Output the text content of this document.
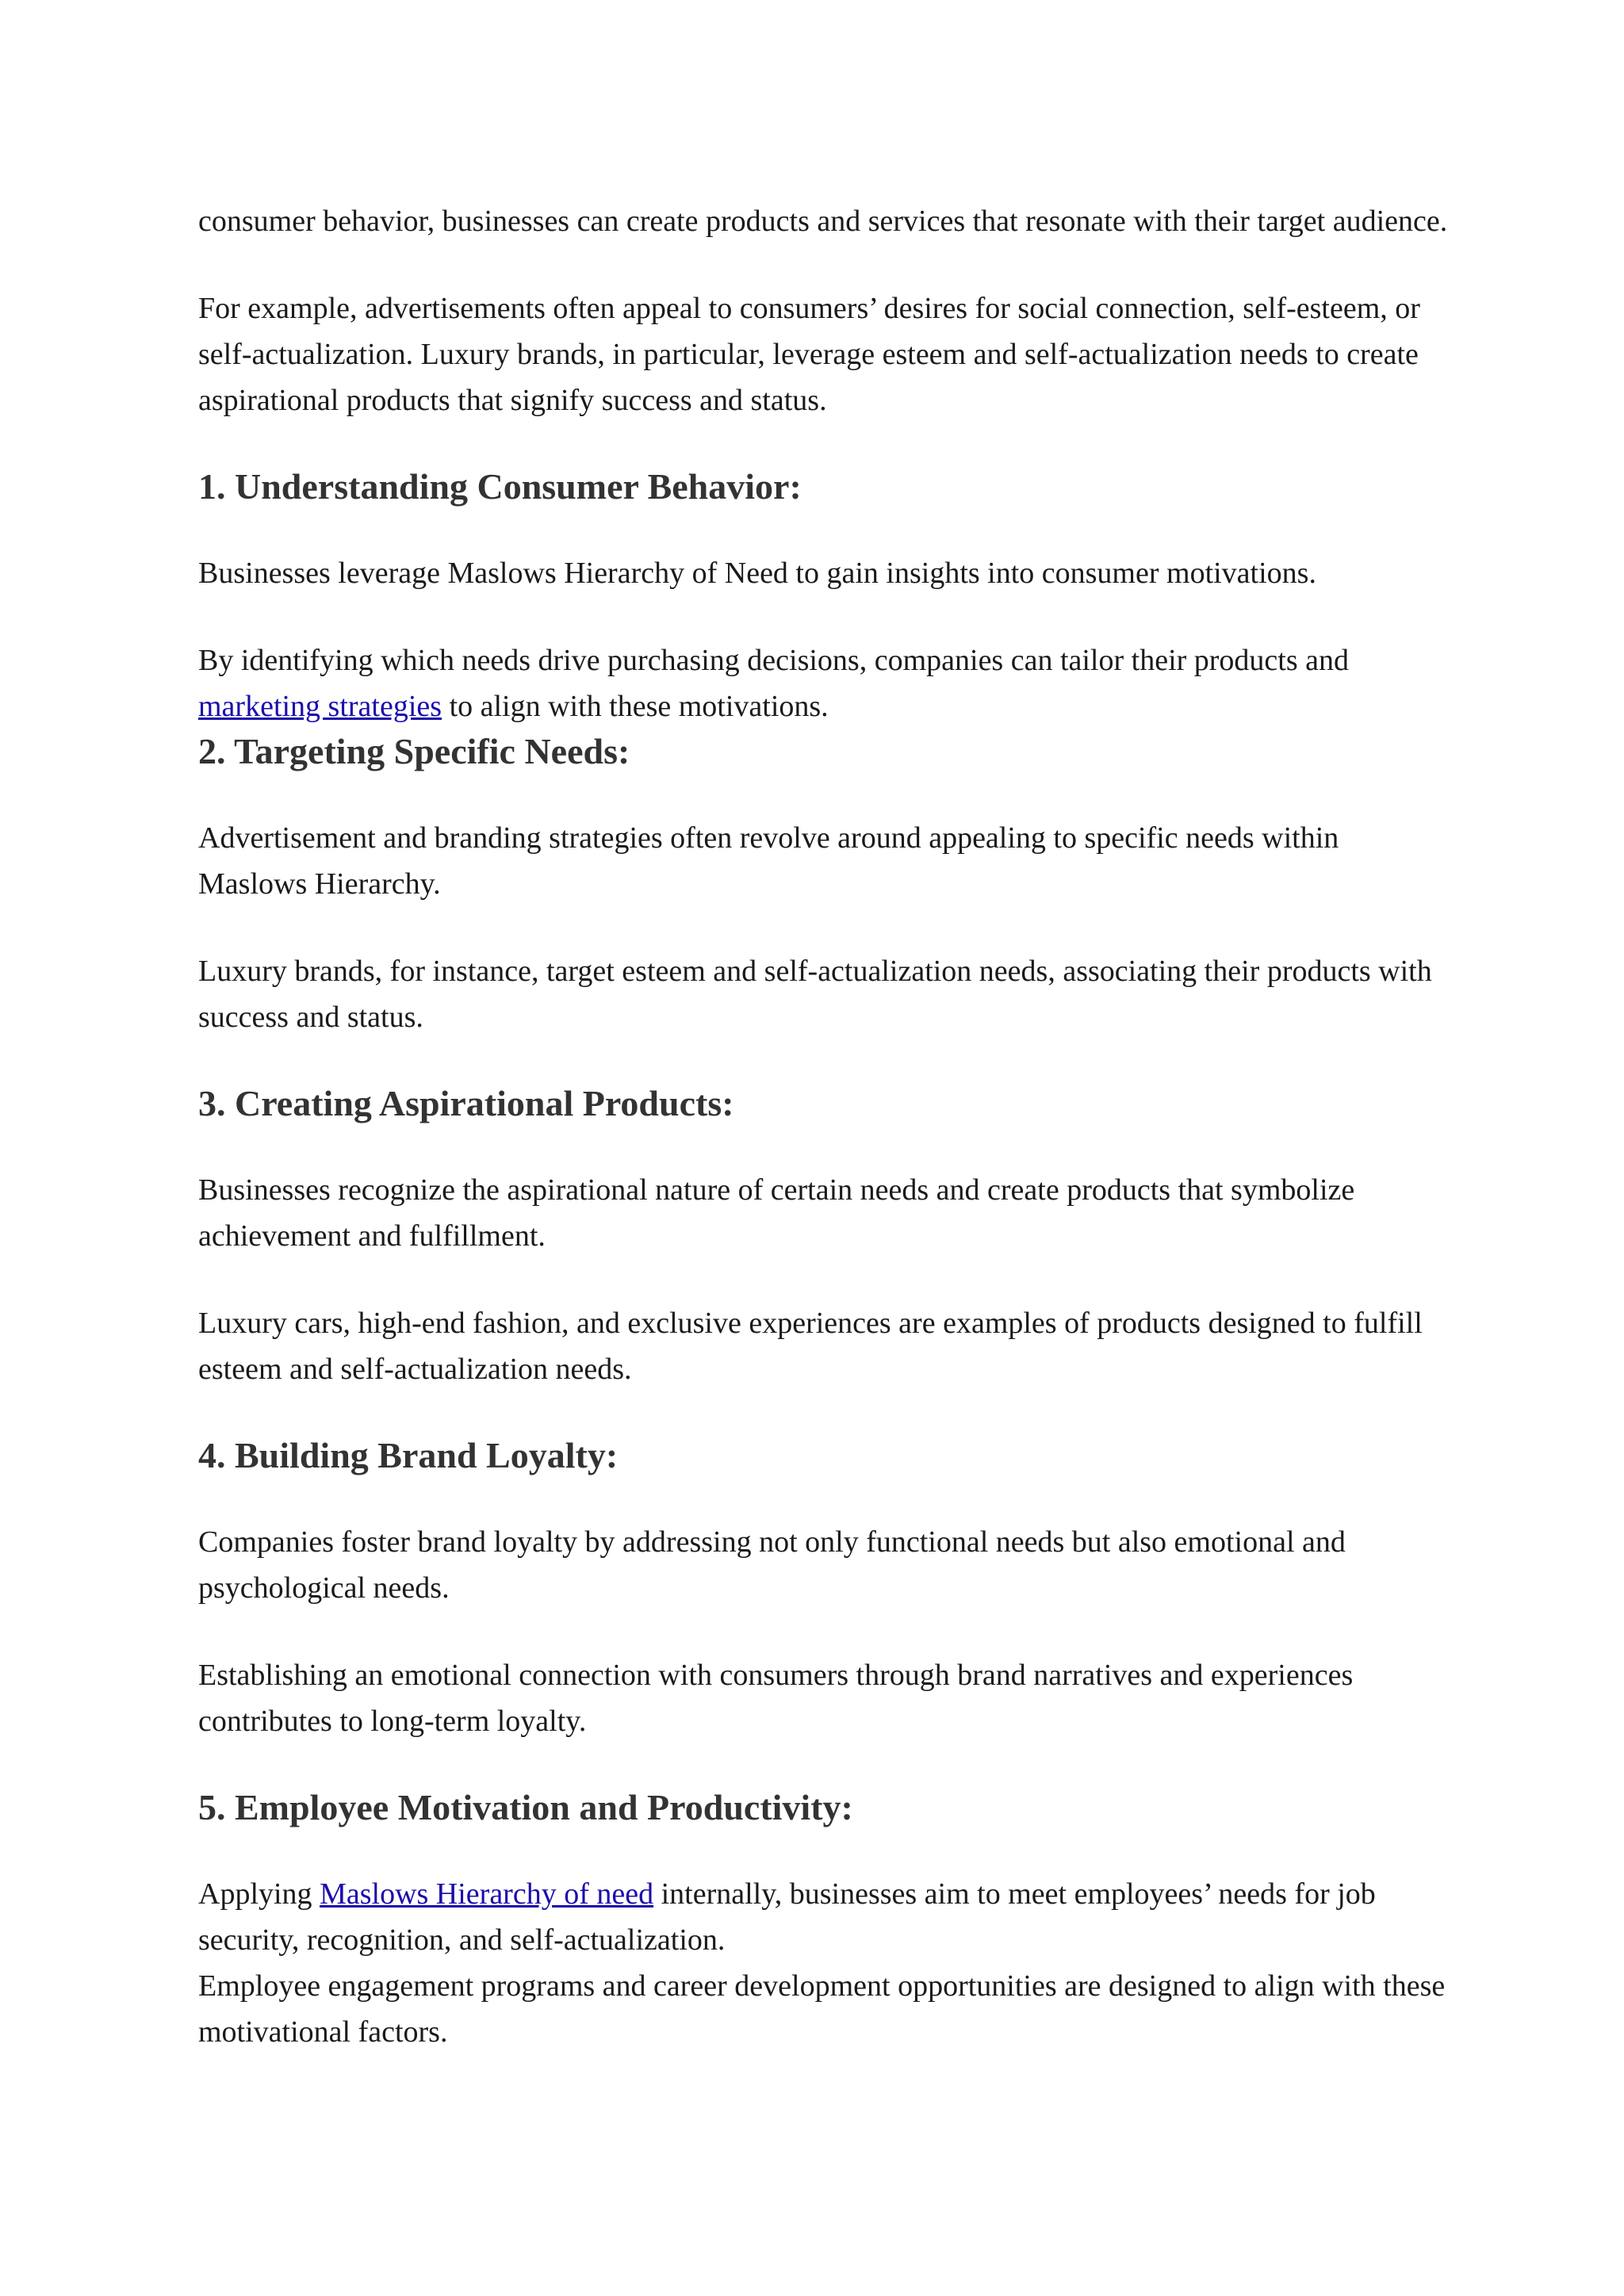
consumer behavior, businesses can create products and services that resonate with their target audience.

For example, advertisements often appeal to consumers’ desires for social connection, self-esteem, or self-actualization. Luxury brands, in particular, leverage esteem and self-actualization needs to create aspirational products that signify success and status.

1. Understanding Consumer Behavior:

Businesses leverage Maslows Hierarchy of Need to gain insights into consumer motivations.

By identifying which needs drive purchasing decisions, companies can tailor their products and marketing strategies to align with these motivations.

2. Targeting Specific Needs:

Advertisement and branding strategies often revolve around appealing to specific needs within Maslows Hierarchy.

Luxury brands, for instance, target esteem and self-actualization needs, associating their products with success and status.

3. Creating Aspirational Products:

Businesses recognize the aspirational nature of certain needs and create products that symbolize achievement and fulfillment.

Luxury cars, high-end fashion, and exclusive experiences are examples of products designed to fulfill esteem and self-actualization needs.

4. Building Brand Loyalty:

Companies foster brand loyalty by addressing not only functional needs but also emotional and psychological needs.

Establishing an emotional connection with consumers through brand narratives and experiences contributes to long-term loyalty.

5. Employee Motivation and Productivity:

Applying Maslows Hierarchy of need internally, businesses aim to meet employees’ needs for job security, recognition, and self-actualization.

Employee engagement programs and career development opportunities are designed to align with these motivational factors.
